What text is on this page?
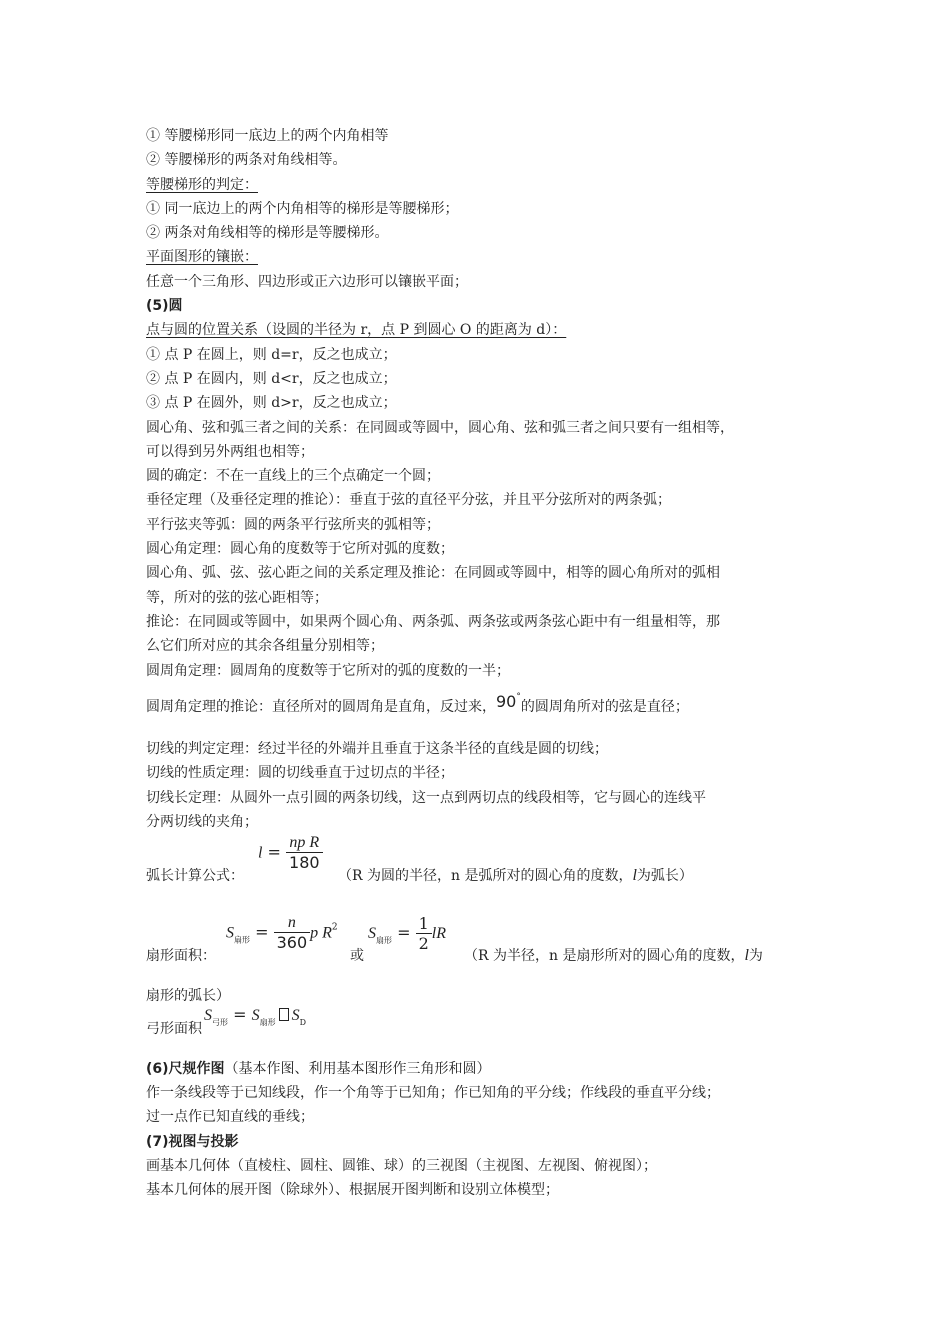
① 等腰梯形同一底边上的两个内角相等
② 等腰梯形的两条对角线相等。
等腰梯形的判定：
① 同一底边上的两个内角相等的梯形是等腰梯形；
② 两条对角线相等的梯形是等腰梯形。
平面图形的镶嵌：
任意一个三角形、四边形或正六边形可以镶嵌平面；
(5)圆
点与圆的位置关系（设圆的半径为 r，点 P 到圆心 O 的距离为 d）：
① 点 P 在圆上，则 d=r，反之也成立；
② 点 P 在圆内，则 d<r，反之也成立；
③ 点 P 在圆外，则 d>r，反之也成立；
圆心角、弦和弧三者之间的关系：在同圆或等圆中，圆心角、弦和弧三者之间只要有一组相等，
可以得到另外两组也相等；
圆的确定：不在一直线上的三个点确定一个圆；
垂径定理（及垂径定理的推论）：垂直于弦的直径平分弦，并且平分弦所对的两条弧；
平行弦夹等弧：圆的两条平行弦所夹的弧相等；
圆心角定理：圆心角的度数等于它所对弧的度数；
圆心角、弧、弦、弦心距之间的关系定理及推论：在同圆或等圆中，相等的圆心角所对的弧相
等，所对的弦的弦心距相等；
推论：在同圆或等圆中，如果两个圆心角、两条弧、两条弦或两条弦心距中有一组量相等，那
么它们所对应的其余各组量分别相等；
圆周角定理：圆周角的度数等于它所对的弧的度数的一半；
圆周角定理的推论：直径所对的圆周角是直角，反过来，90°的圆周角所对的弦是直径；
切线的判定定理：经过半径的外端并且垂直于这条半径的直线是圆的切线；
切线的性质定理：圆的切线垂直于过切点的半径；
切线长定理：从圆外一点引圆的两条切线，这一点到两切点的线段相等，它与圆心的连线平
分两切线的夹角；
弧长计算公式：
$l = \frac{\text{np R}}{180}$
（R 为圆的半径，n 是弧所对的圆心角的度数，l为弧长）
扇形面积：
$S_{扇形} = \frac{n}{360}$ p $R^2$
或
$S_{扇形} = \frac{1}{2}$ lR
（R 为半径，n 是扇形所对的圆心角的度数，l为
扇形的弧长）
弓形面积
$S_{弓形} = S_{扇形}$ $S_D$
(6)尺规作图（基本作图、利用基本图形作三角形和圆）
作一条线段等于已知线段，作一个角等于已知角；作已知角的平分线；作线段的垂直平分线；
过一点作已知直线的垂线；
(7)视图与投影
画基本几何体（直棱柱、圆柱、圆锥、球）的三视图（主视图、左视图、俯视图）；
基本几何体的展开图（除球外）、根据展开图判断和设别立体模型；
